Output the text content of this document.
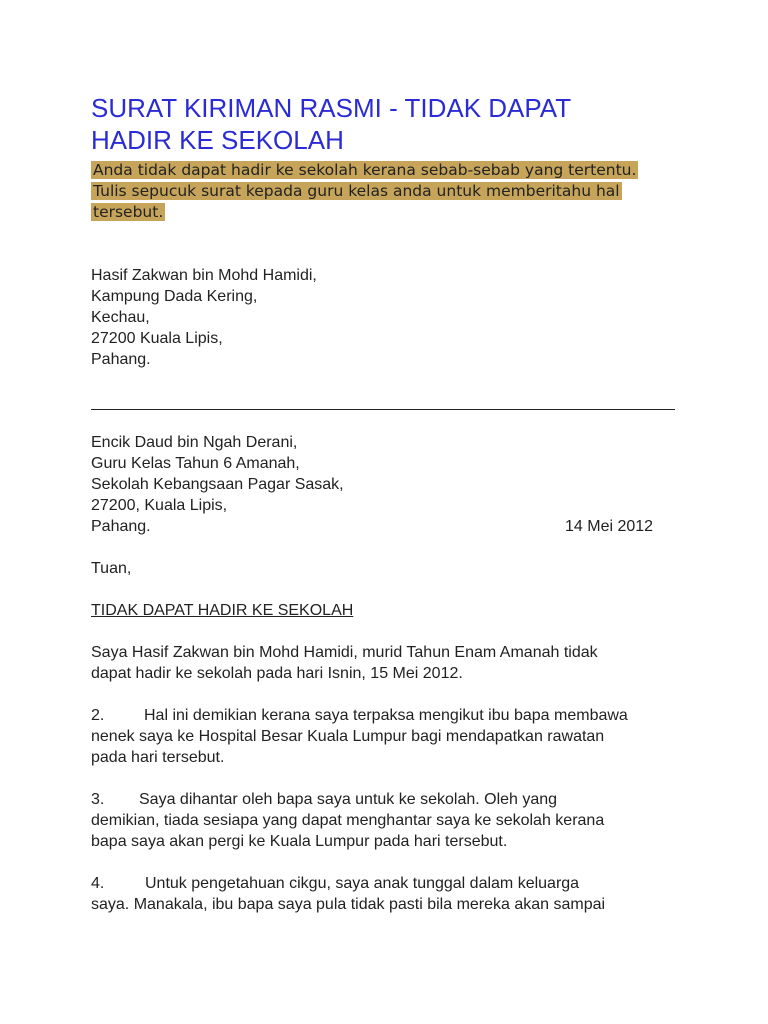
SURAT KIRIMAN RASMI - TIDAK DAPAT
HADIR KE SEKOLAH
Anda tidak dapat hadir ke sekolah kerana sebab-sebab yang tertentu. Tulis sepucuk surat kepada guru kelas anda untuk memberitahu hal tersebut.
Hasif Zakwan bin Mohd Hamidi,
Kampung Dada Kering,
Kechau,
27200 Kuala Lipis,
Pahang.
Encik Daud bin Ngah Derani,
Guru Kelas Tahun 6 Amanah,
Sekolah Kebangsaan Pagar Sasak,
27200, Kuala Lipis,
Pahang.	14 Mei 2012
Tuan,
TIDAK DAPAT HADIR KE SEKOLAH
Saya Hasif Zakwan bin Mohd Hamidi, murid Tahun Enam Amanah tidak
dapat hadir ke sekolah pada hari Isnin, 15 Mei 2012.
2. Hal ini demikian kerana saya terpaksa mengikut ibu bapa membawa
nenek saya ke Hospital Besar Kuala Lumpur bagi mendapatkan rawatan
pada hari tersebut.
3. Saya dihantar oleh bapa saya untuk ke sekolah. Oleh yang
demikian, tiada sesiapa yang dapat menghantar saya ke sekolah kerana
bapa saya akan pergi ke Kuala Lumpur pada hari tersebut.
4.	Untuk pengetahuan cikgu, saya anak tunggal dalam keluarga
saya. Manakala, ibu bapa saya pula tidak pasti bila mereka akan sampai
